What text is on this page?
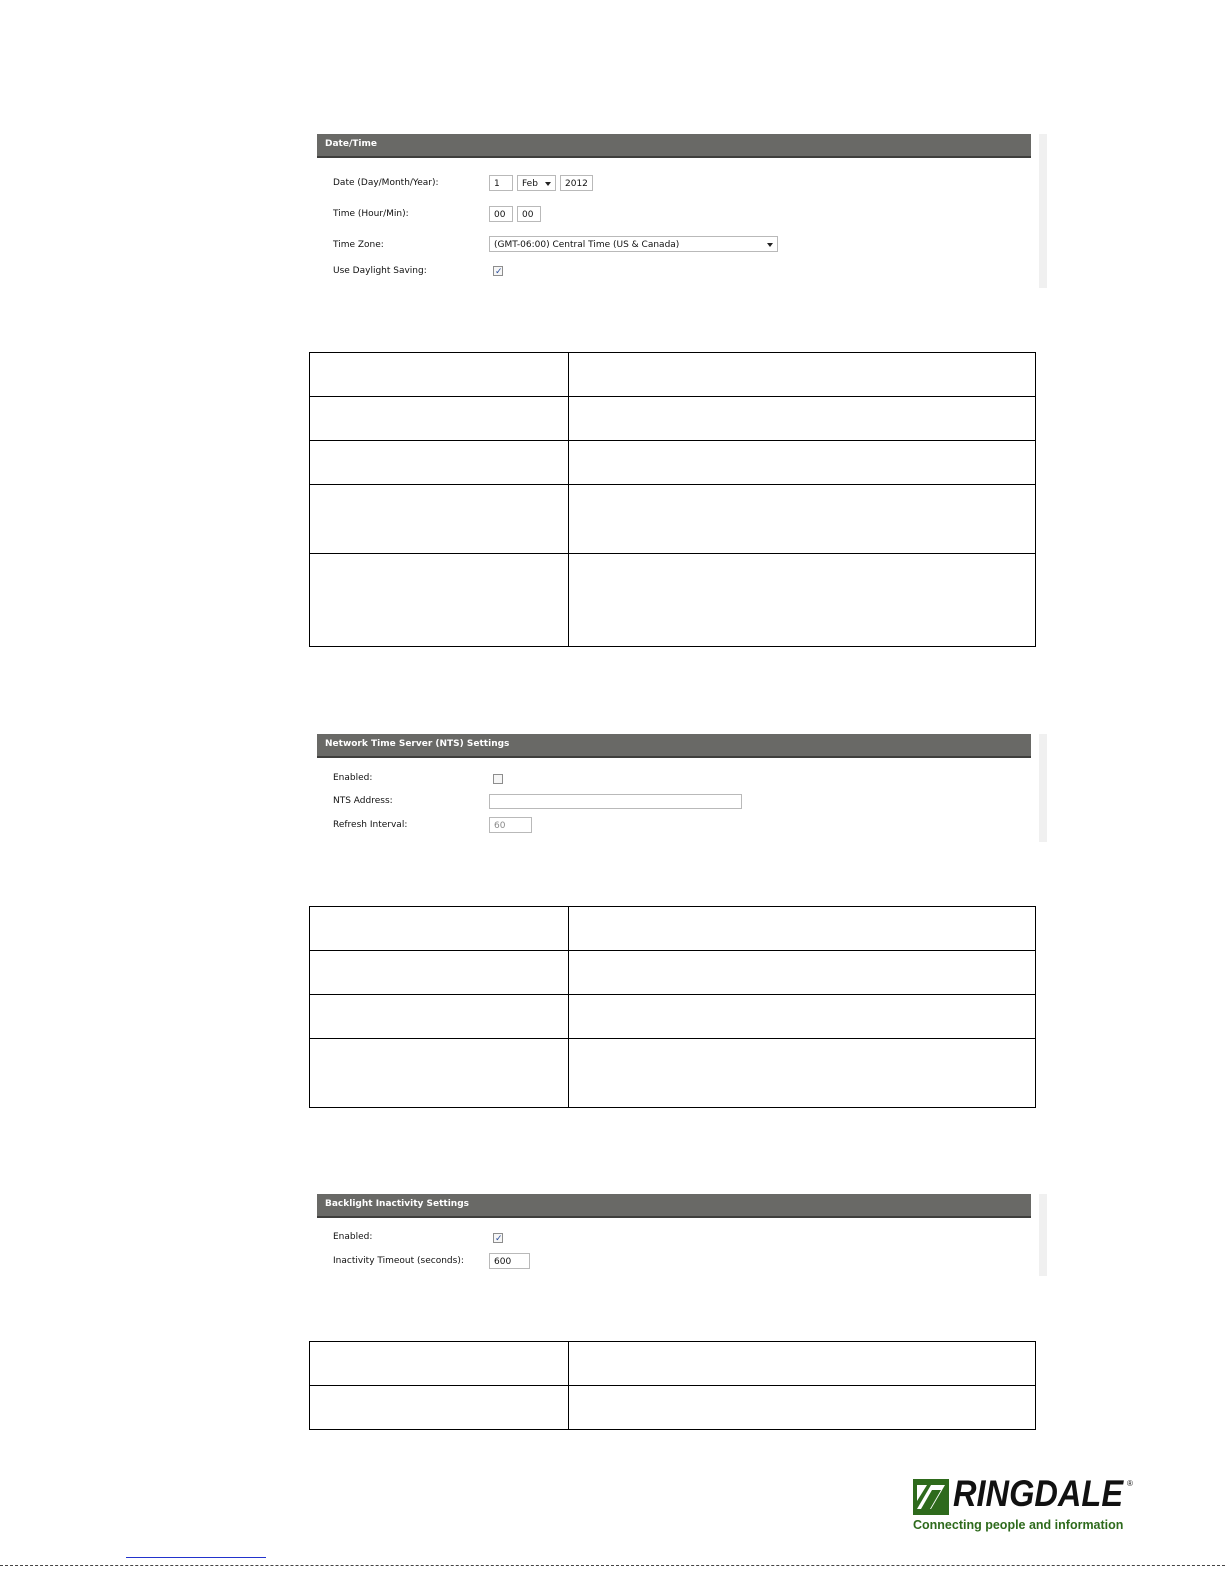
Date/Time
Date (Day/Month/Year):	1	Feb	2012
Time (Hour/Min):	00	00
Time Zone:	(GMT-06:00) Central Time (US & Canada)
Use Daylight Saving:	✓

Network Time Server (NTS) Settings
Enabled:
NTS Address:
Refresh Interval:	60

Backlight Inactivity Settings
Enabled:	✓
Inactivity Timeout (seconds):	600

RINGDALE ®
Connecting people and information
